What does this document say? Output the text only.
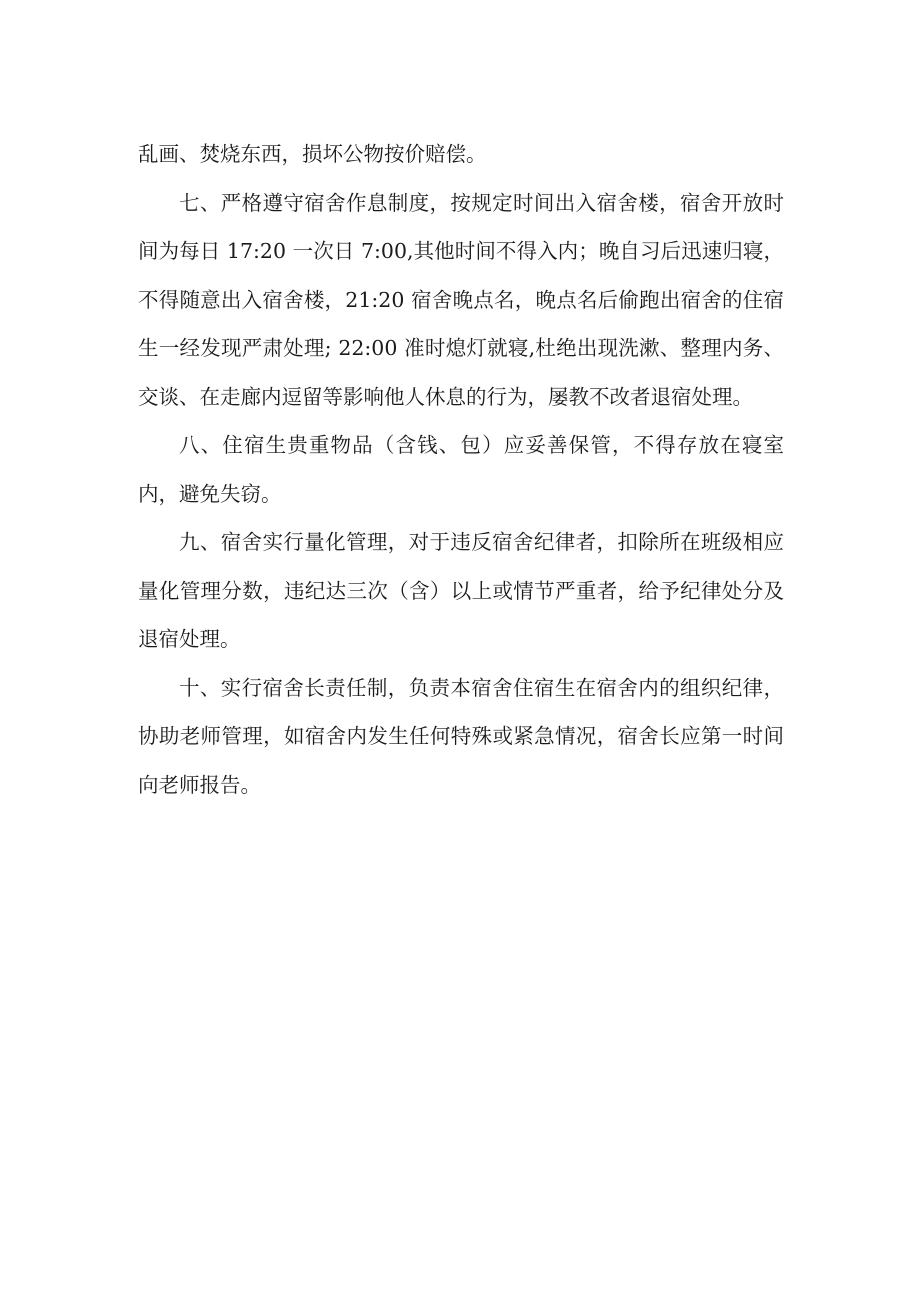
乱画、焚烧东西，损坏公物按价赔偿。

七、严格遵守宿舍作息制度，按规定时间出入宿舍楼，宿舍开放时间为每日 17:20 一次日 7:00,其他时间不得入内；晚自习后迅速归寝，不得随意出入宿舍楼，21:20 宿舍晚点名，晚点名后偷跑出宿舍的住宿生一经发现严肃处理; 22:00 准时熄灯就寝,杜绝出现洗漱、整理内务、交谈、在走廊内逗留等影响他人休息的行为，屡教不改者退宿处理。

八、住宿生贵重物品（含钱、包）应妥善保管，不得存放在寝室内，避免失窃。

九、宿舍实行量化管理，对于违反宿舍纪律者，扣除所在班级相应量化管理分数，违纪达三次（含）以上或情节严重者，给予纪律处分及退宿处理。

十、实行宿舍长责任制，负责本宿舍住宿生在宿舍内的组织纪律，协助老师管理，如宿舍内发生任何特殊或紧急情况，宿舍长应第一时间向老师报告。
